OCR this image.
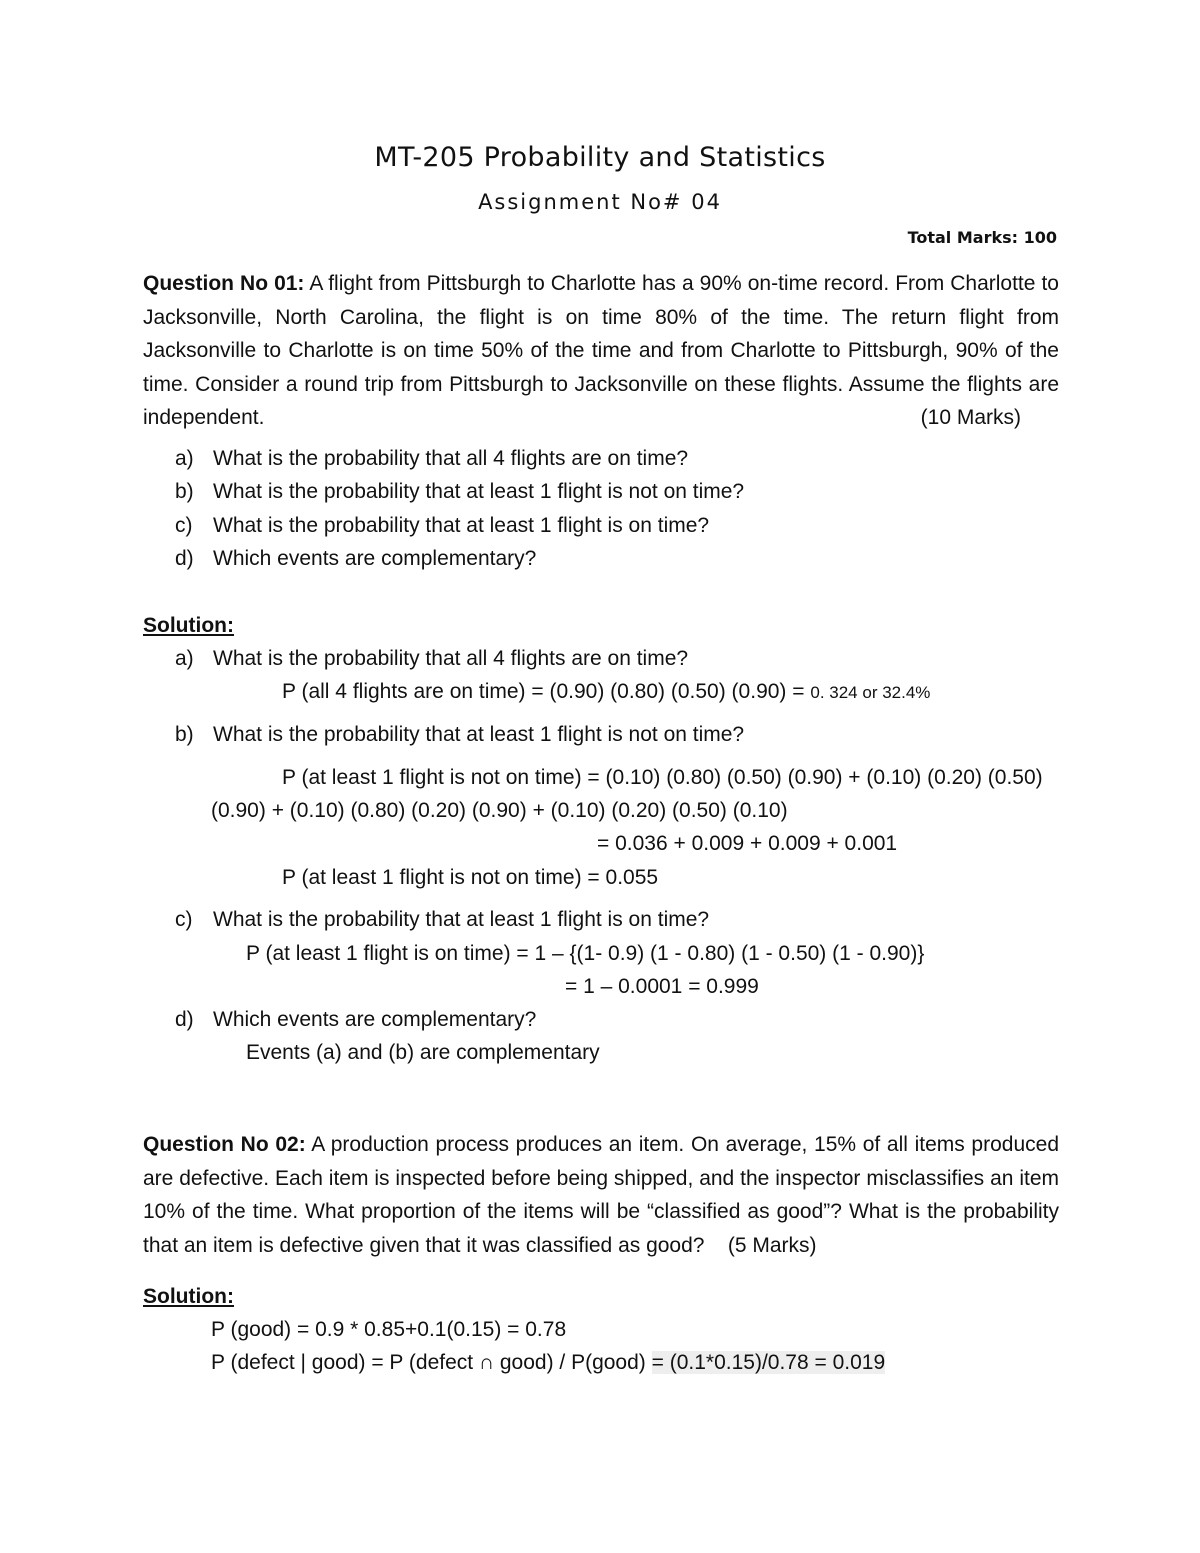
MT-205 Probability and Statistics
Assignment No# 04
Total Marks: 100
Question No 01: A flight from Pittsburgh to Charlotte has a 90% on-time record. From Charlotte to Jacksonville, North Carolina, the flight is on time 80% of the time. The return flight from Jacksonville to Charlotte is on time 50% of the time and from Charlotte to Pittsburgh, 90% of the time. Consider a round trip from Pittsburgh to Jacksonville on these flights. Assume the flights are independent.	(10 Marks)
a) What is the probability that all 4 flights are on time?
b) What is the probability that at least 1 flight is not on time?
c) What is the probability that at least 1 flight is on time?
d) Which events are complementary?
Solution:
a) What is the probability that all 4 flights are on time?
P (all 4 flights are on time) = (0.90) (0.80) (0.50) (0.90) = 0. 324 or 32.4%
b) What is the probability that at least 1 flight is not on time?
P (at least 1 flight is not on time) = (0.10) (0.80) (0.50) (0.90) + (0.10) (0.20) (0.50)
(0.90) + (0.10) (0.80) (0.20) (0.90) + (0.10) (0.20) (0.50) (0.10)
= 0.036 + 0.009 + 0.009 + 0.001
P (at least 1 flight is not on time) = 0.055
c) What is the probability that at least 1 flight is on time?
P (at least 1 flight is on time) = 1 – {(1- 0.9) (1 - 0.80) (1 - 0.50) (1 - 0.90)}
= 1 – 0.0001 = 0.999
d) Which events are complementary?
Events (a) and (b) are complementary
Question No 02: A production process produces an item. On average, 15% of all items produced are defective. Each item is inspected before being shipped, and the inspector misclassifies an item 10% of the time. What proportion of the items will be “classified as good”? What is the probability that an item is defective given that it was classified as good? (5 Marks)
Solution:
P (good) = 0.9 * 0.85+0.1(0.15) = 0.78
P (defect | good) = P (defect ∩ good) / P(good) = (0.1*0.15)/0.78 = 0.019
